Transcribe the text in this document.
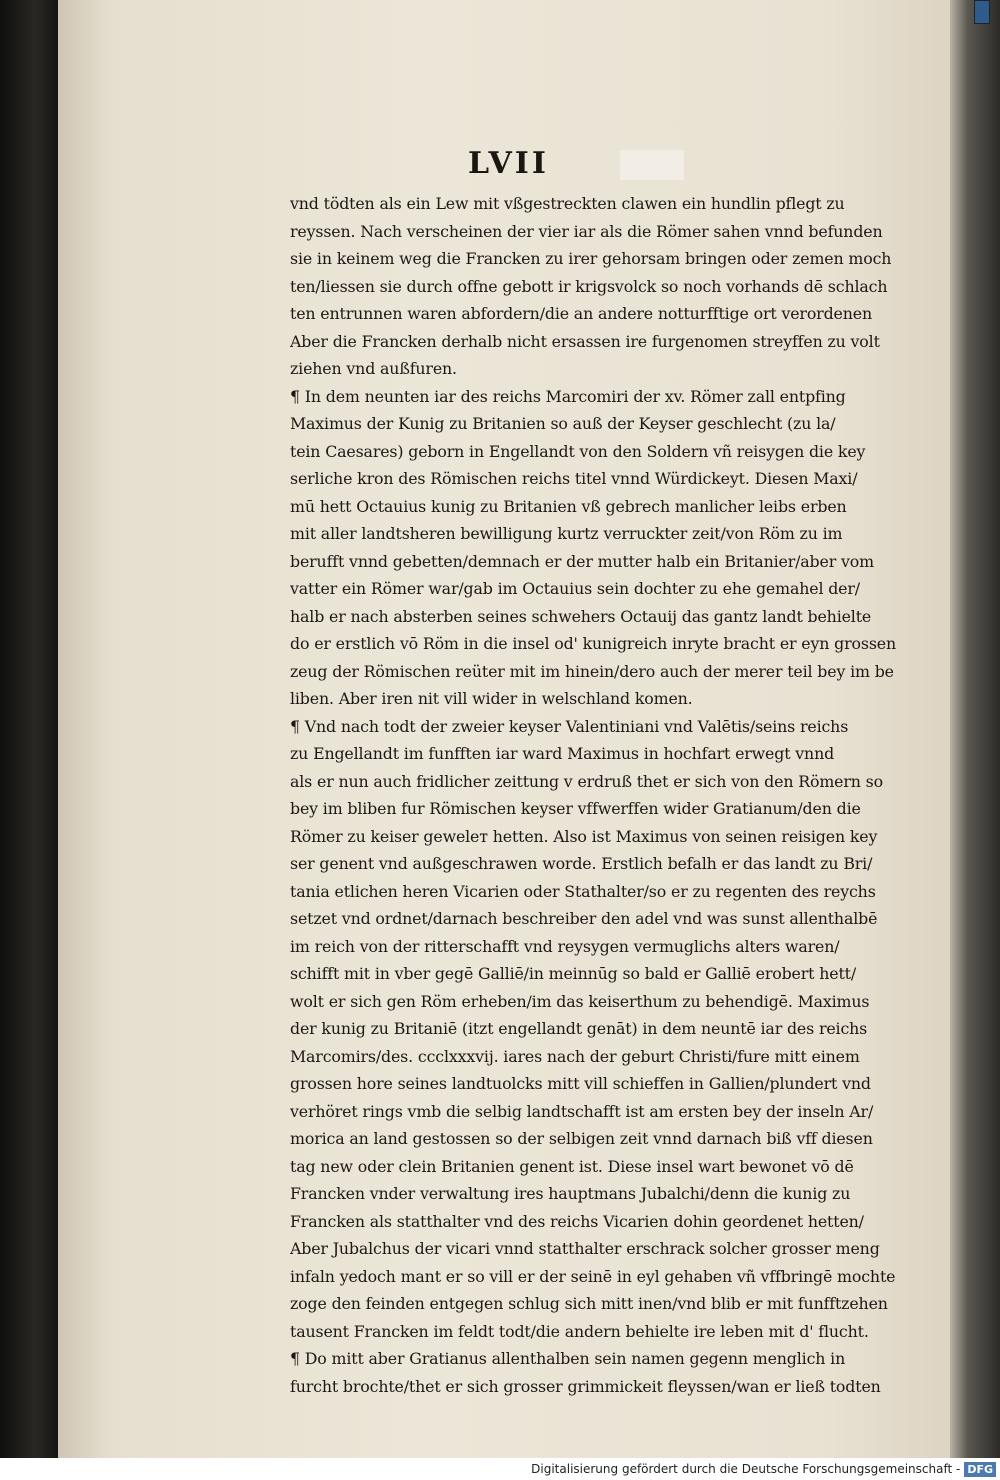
LVII
vnd tödten als ein Lew mit vßgestreckten clawen ein hundlin pflegt zu
reyssen. Nach verscheinen der vier iar als die Römer sahen vnnd befunden
sie in keinem weg die Francken zu irer gehorsam bringen oder zemen moch
ten/liessen sie durch offne gebott ir krigsvolck so noch vorhands dē schlach
ten entrunnen waren abfordern/die an andere notturfftige ort verordenen
Aber die Francken derhalb nicht ersassen ire furgenomen streyffen zu volt
ziehen vnd außfuren.
¶ In dem neunten iar des reichs Marcomiri der xv. Römer zall entpfing
Maximus der Kunig zu Britanien so auß der Keyser geschlecht (zu la/
tein Caesares) geborn in Engellandt von den Soldern vñ reisygen die key
serliche kron des Römischen reichs titel vnnd Würdickeyt. Diesen Maxi/
mū hett Octauius kunig zu Britanien vß gebrech manlicher leibs erben
mit aller landtsheren bewilligung kurtz verruckter zeit/von Röm zu im
berufft vnnd gebetten/demnach er der mutter halb ein Britanier/aber vom
vatter ein Römer war/gab im Octauius sein dochter zu ehe gemahel der/
halb er nach absterben seines schwehers Octauij das gantz landt behielte
do er erstlich vō Röm in die insel od' kunigreich inryte bracht er eyn grossen
zeug der Römischen reüter mit im hinein/dero auch der merer teil bey im be
liben. Aber iren nit vill wider in welschland komen.
¶ Vnd nach todt der zweier keyser Valentiniani vnd Valētis/seins reichs
zu Engellandt im funfften iar ward Maximus in hochfart erwegt vnnd
als er nun auch fridlicher zeittung v erdruß thet er sich von den Römern so
bey im bliben fur Römischen keyser vffwerffen wider Gratianum/den die
Römer zu keiser geweleт hetten. Also ist Maximus von seinen reisigen key
ser genent vnd außgeschrawen worde. Erstlich befalh er das landt zu Bri/
tania etlichen heren Vicarien oder Stathalter/so er zu regenten des reychs
setzet vnd ordnet/darnach beschreiber den adel vnd was sunst allenthalbē
im reich von der ritterschafft vnd reysygen vermuglichs alters waren/
schifft mit in vber gegē Galliē/in meinnūg so bald er Galliē erobert hett/
wolt er sich gen Röm erheben/im das keiserthum zu behendigē. Maximus
der kunig zu Britaniē (itzt engellandt genāt) in dem neuntē iar des reichs
Marcomirs/des. ccclxxxvij. iares nach der geburt Christi/fure mitt einem
grossen hore seines landtuolcks mitt vill schieffen in Gallien/plundert vnd
verhöret rings vmb die selbig landtschafft ist am ersten bey der inseln Ar/
morica an land gestossen so der selbigen zeit vnnd darnach biß vff diesen
tag new oder clein Britanien genent ist. Diese insel wart bewonet vō dē
Francken vnder verwaltung ires hauptmans Jubalchi/denn die kunig zu
Francken als statthalter vnd des reichs Vicarien dohin geordenet hetten/
Aber Jubalchus der vicari vnnd statthalter erschrack solcher grosser meng
infaln yedoch mant er so vill er der seinē in eyl gehaben vñ vffbringē mochte
zoge den feinden entgegen schlug sich mitt inen/vnd blib er mit funfftzehen
tausent Francken im feldt todt/die andern behielte ire leben mit d' flucht.
¶ Do mitt aber Gratianus allenthalben sein namen gegenn menglich in
furcht brochte/thet er sich grosser grimmickeit fleyssen/wan er ließ todten
Digitalisierung gefördert durch die Deutsche Forschungsgemeinschaft - DFG
